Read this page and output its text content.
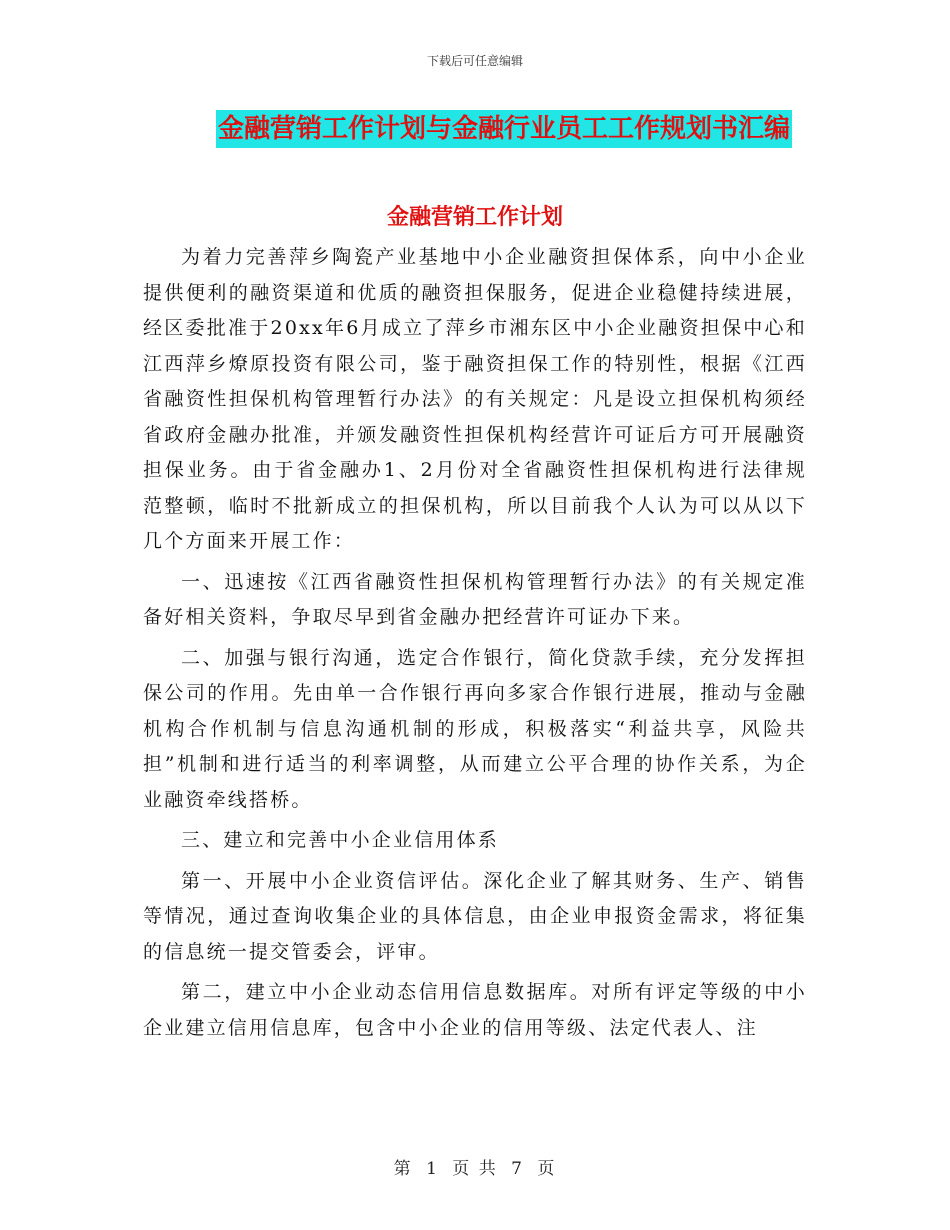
下载后可任意编辑
金融营销工作计划与金融行业员工工作规划书汇编
金融营销工作计划

为着力完善萍乡陶瓷产业基地中小企业融资担保体系，向中小企业提供便利的融资渠道和优质的融资担保服务，促进企业稳健持续进展，经区委批准于20xx年6月成立了萍乡市湘东区中小企业融资担保中心和江西萍乡燎原投资有限公司，鉴于融资担保工作的特别性，根据《江西省融资性担保机构管理暂行办法》的有关规定：凡是设立担保机构须经省政府金融办批准，并颁发融资性担保机构经营许可证后方可开展融资担保业务。由于省金融办1、2月份对全省融资性担保机构进行法律规范整顿，临时不批新成立的担保机构，所以目前我个人认为可以从以下几个方面来开展工作：

一、迅速按《江西省融资性担保机构管理暂行办法》的有关规定准备好相关资料，争取尽早到省金融办把经营许可证办下来。

二、加强与银行沟通，选定合作银行，简化贷款手续，充分发挥担保公司的作用。先由单一合作银行再向多家合作银行进展，推动与金融机构合作机制与信息沟通机制的形成，积极落实“利益共享，风险共担”机制和进行适当的利率调整，从而建立公平合理的协作关系，为企业融资牵线搭桥。

三、建立和完善中小企业信用体系

第一、开展中小企业资信评估。深化企业了解其财务、生产、销售等情况，通过查询收集企业的具体信息，由企业申报资金需求，将征集的信息统一提交管委会，评审。

第二，建立中小企业动态信用信息数据库。对所有评定等级的中小企业建立信用信息库，包含中小企业的信用等级、法定代表人、注

第 1 页 共 7 页
